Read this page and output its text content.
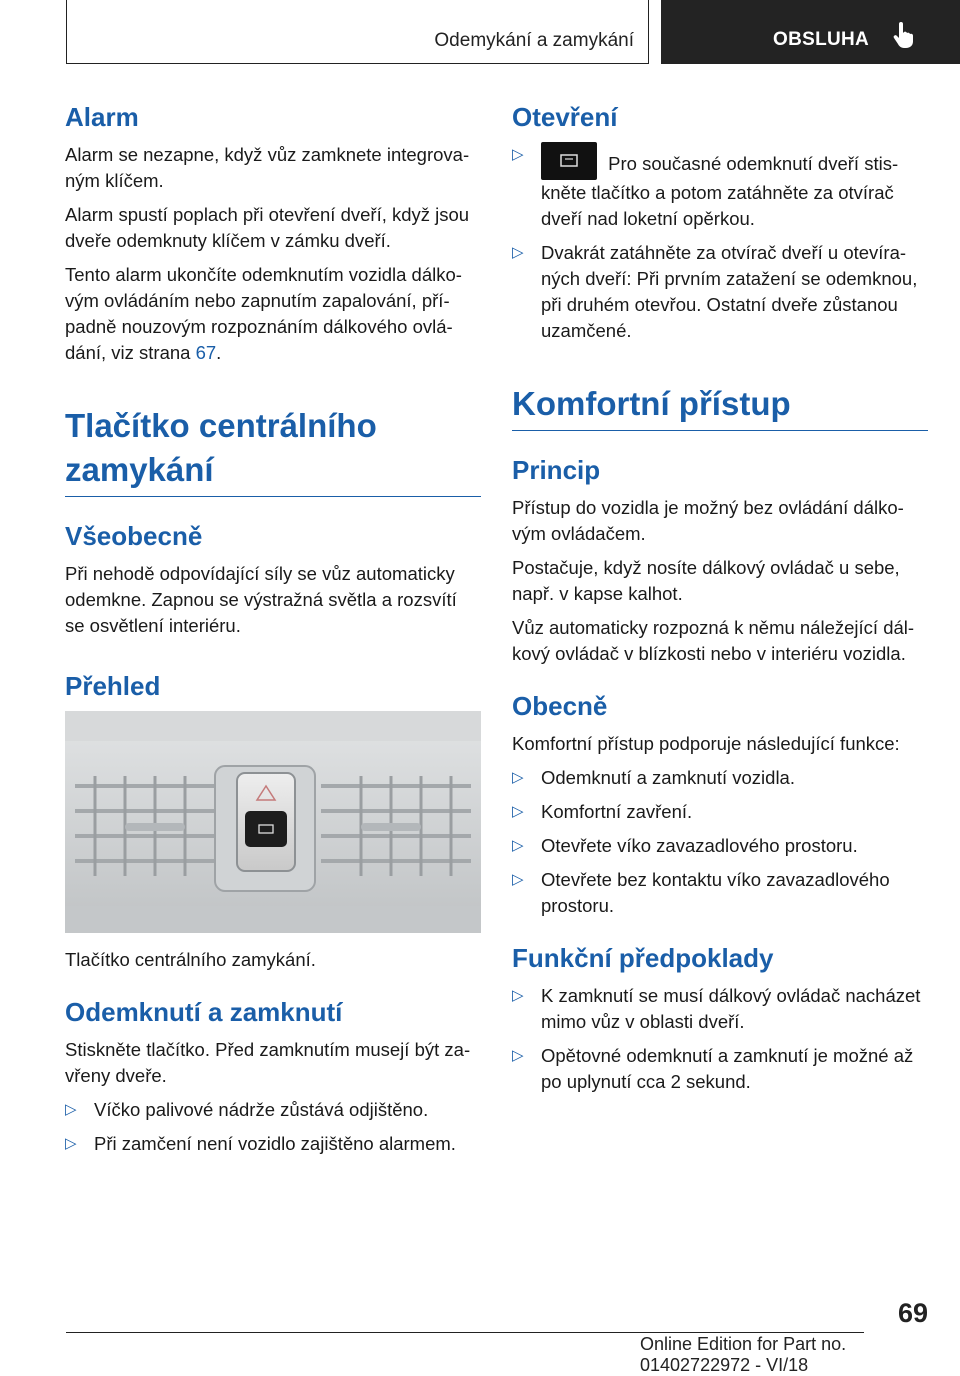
Odemykání a zamykání	OBSLUHA
Alarm

Alarm se nezapne, když vůz zamknete integrovaným klíčem.

Alarm spustí poplach při otevření dveří, když jsou dveře odemknuty klíčem v zámku dveří.

Tento alarm ukončíte odemknutím vozidla dálkovým ovládáním nebo zapnutím zapalování, případně nouzovým rozpoznáním dálkového ovládání, viz strana 67.

Tlačítko centrálního zamykání
Všeobecně

Při nehodě odpovídající síly se vůz automaticky odemkne. Zapnou se výstražná světla a rozsvítí se osvětlení interiéru.

Přehled

Tlačítko centrálního zamykání.

Odemknutí a zamknutí

Stiskněte tlačítko. Před zamknutím musejí být zavřeny dveře.

▷ Víčko palivové nádrže zůstává odjištěno.
▷ Při zamčení není vozidlo zajištěno alarmem.
Otevření
▷	Pro současné odemknutí dveří stiskněte tlačítko a potom zatáhněte za otvírač dveří nad loketní opěrkou.
▷ Dvakrát zatáhněte za otvírač dveří u otevíraných dveří: Při prvním zatažení se odemknou, při druhém otevřou. Ostatní dveře zůstanou uzamčené.
Komfortní přístup
Princip

Přístup do vozidla je možný bez ovládání dálkovým ovládačem.

Postačuje, když nosíte dálkový ovládač u sebe, např. v kapse kalhot.

Vůz automaticky rozpozná k němu náležející dálkový ovládač v blízkosti nebo v interiéru vozidla.

Obecně

Komfortní přístup podporuje následující funkce:

▷ Odemknutí a zamknutí vozidla.
▷ Komfortní zavření.
▷ Otevřete víko zavazadlového prostoru.
▷ Otevřete bez kontaktu víko zavazadlového prostoru.
Funkční předpoklady
▷ K zamknutí se musí dálkový ovládač nacházet mimo vůz v oblasti dveří.
▷ Opětovné odemknutí a zamknutí je možné až po uplynutí cca 2 sekund.
69
Online Edition for Part no. 01402722972 - VI/18
